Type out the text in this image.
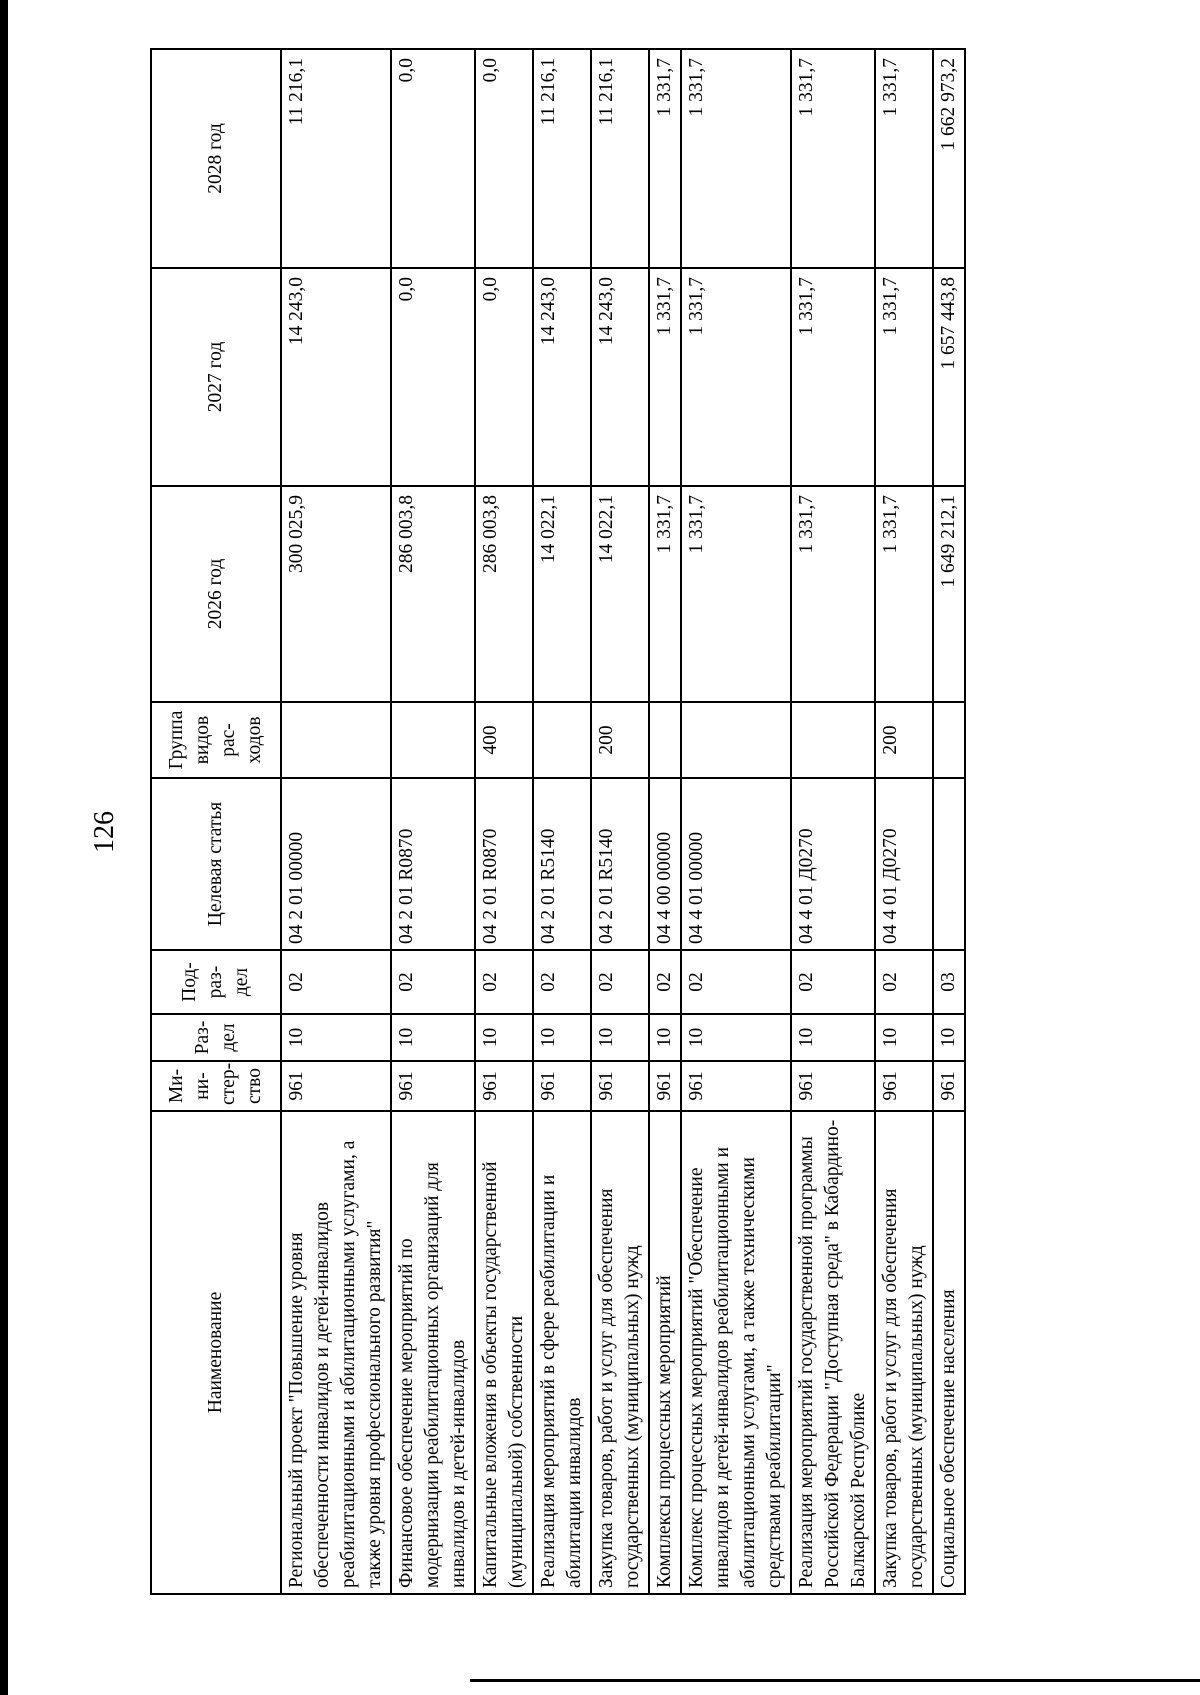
126
Наименование	Ми-ни-стер-ство	Раз-дел	Под-раз-дел	Целевая статья	Группа видов рас-ходов	2026 год	2027 год	2028 год
Региональный проект "Повышение уровня обеспеченности инвалидов и детей-инвалидов реабилитационными и абилитационными услугами, а также уровня профессионального развития"	961	10	02	04 2 01 00000		300 025,9	14 243,0	11 216,1
Финансовое обеспечение мероприятий по модернизации реабилитационных организаций для инвалидов и детей-инвалидов	961	10	02	04 2 01 R0870		286 003,8	0,0	0,0
Капитальные вложения в объекты государственной (муниципальной) собственности	961	10	02	04 2 01 R0870	400	286 003,8	0,0	0,0
Реализация мероприятий в сфере реабилитации и абилитации инвалидов	961	10	02	04 2 01 R5140		14 022,1	14 243,0	11 216,1
Закупка товаров, работ и услуг для обеспечения государственных (муниципальных) нужд	961	10	02	04 2 01 R5140	200	14 022,1	14 243,0	11 216,1
Комплексы процессных мероприятий	961	10	02	04 4 00 00000		1 331,7	1 331,7	1 331,7
Комплекс процессных мероприятий "Обеспечение инвалидов и детей-инвалидов реабилитационными и абилитационными услугами, а также техническими средствами реабилитации"	961	10	02	04 4 01 00000		1 331,7	1 331,7	1 331,7
Реализация мероприятий государственной программы Российской Федерации "Доступная среда" в Кабардино-Балкарской Республике	961	10	02	04 4 01 Д0270		1 331,7	1 331,7	1 331,7
Закупка товаров, работ и услуг для обеспечения государственных (муниципальных) нужд	961	10	02	04 4 01 Д0270	200	1 331,7	1 331,7	1 331,7
Социальное обеспечение населения	961	10	03			1 649 212,1	1 657 443,8	1 662 973,2
